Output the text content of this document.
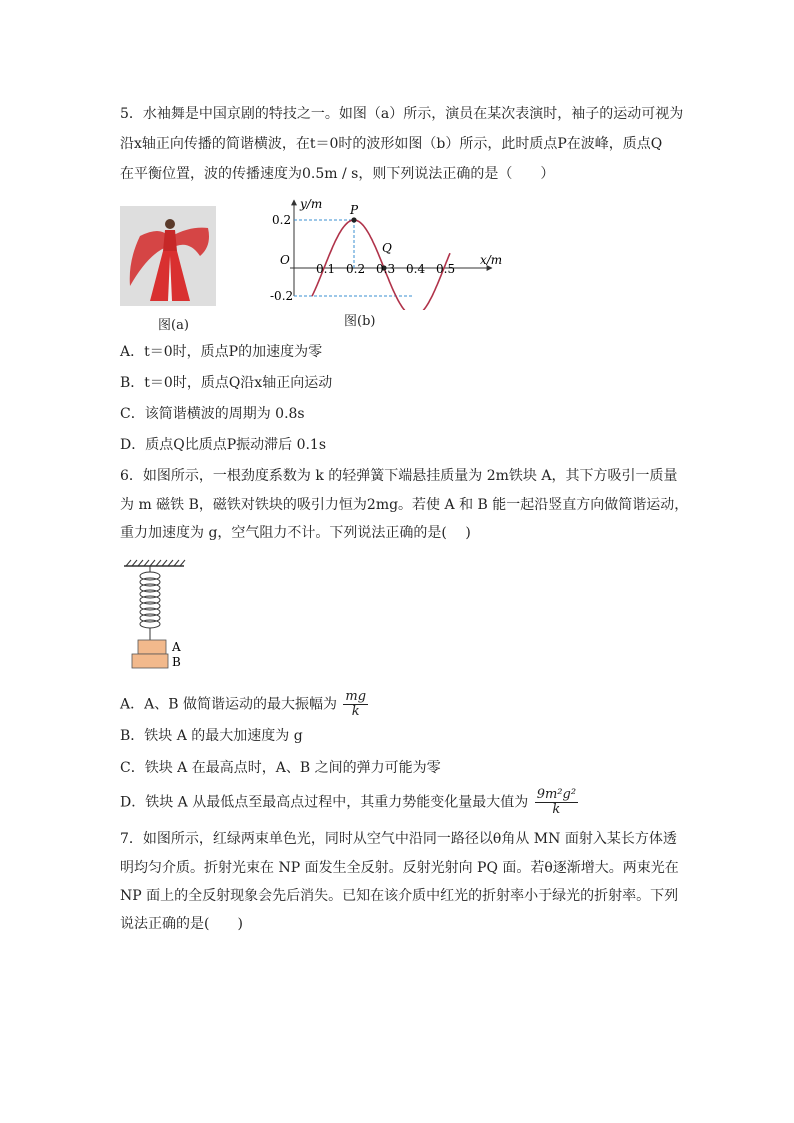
5．水袖舞是中国京剧的特技之一。如图（a）所示，演员在某次表演时，袖子的运动可视为
沿x轴正向传播的简谐横波，在t＝0时的波形如图（b）所示，此时质点P在波峰，质点Q
在平衡位置，波的传播速度为0.5m / s，则下列说法正确的是（　　）
图(a)
y/m
x/m
O
0.2
-0.2
0.1 0.2 0.3 0.4 0.5
P
Q
图(b)
A．t＝0时，质点P的加速度为零
B．t＝0时，质点Q沿x轴正向运动
C．该简谐横波的周期为 0.8s
D．质点Q比质点P振动滞后 0.1s
6．如图所示，一根劲度系数为 k 的轻弹簧下端悬挂质量为 2m铁块 A，其下方吸引一质量
为 m 磁铁 B，磁铁对铁块的吸引力恒为2mg。若使 A 和 B 能一起沿竖直方向做简谐运动，
重力加速度为 g，空气阻力不计。下列说法正确的是(　 )
A
B
A．A、B 做简谐运动的最大振幅为 $\frac{mg}{k}$
B．铁块 A 的最大加速度为 g
C．铁块 A 在最高点时，A、B 之间的弹力可能为零
D．铁块 A 从最低点至最高点过程中，其重力势能变化量最大值为 $\frac{\text{9m²g²}}{k}$
7．如图所示，红绿两束单色光，同时从空气中沿同一路径以θ角从 MN 面射入某长方体透
明均匀介质。折射光束在 NP 面发生全反射。反射光射向 PQ 面。若θ逐渐增大。两束光在
NP 面上的全反射现象会先后消失。已知在该介质中红光的折射率小于绿光的折射率。下列
说法正确的是(　　)
